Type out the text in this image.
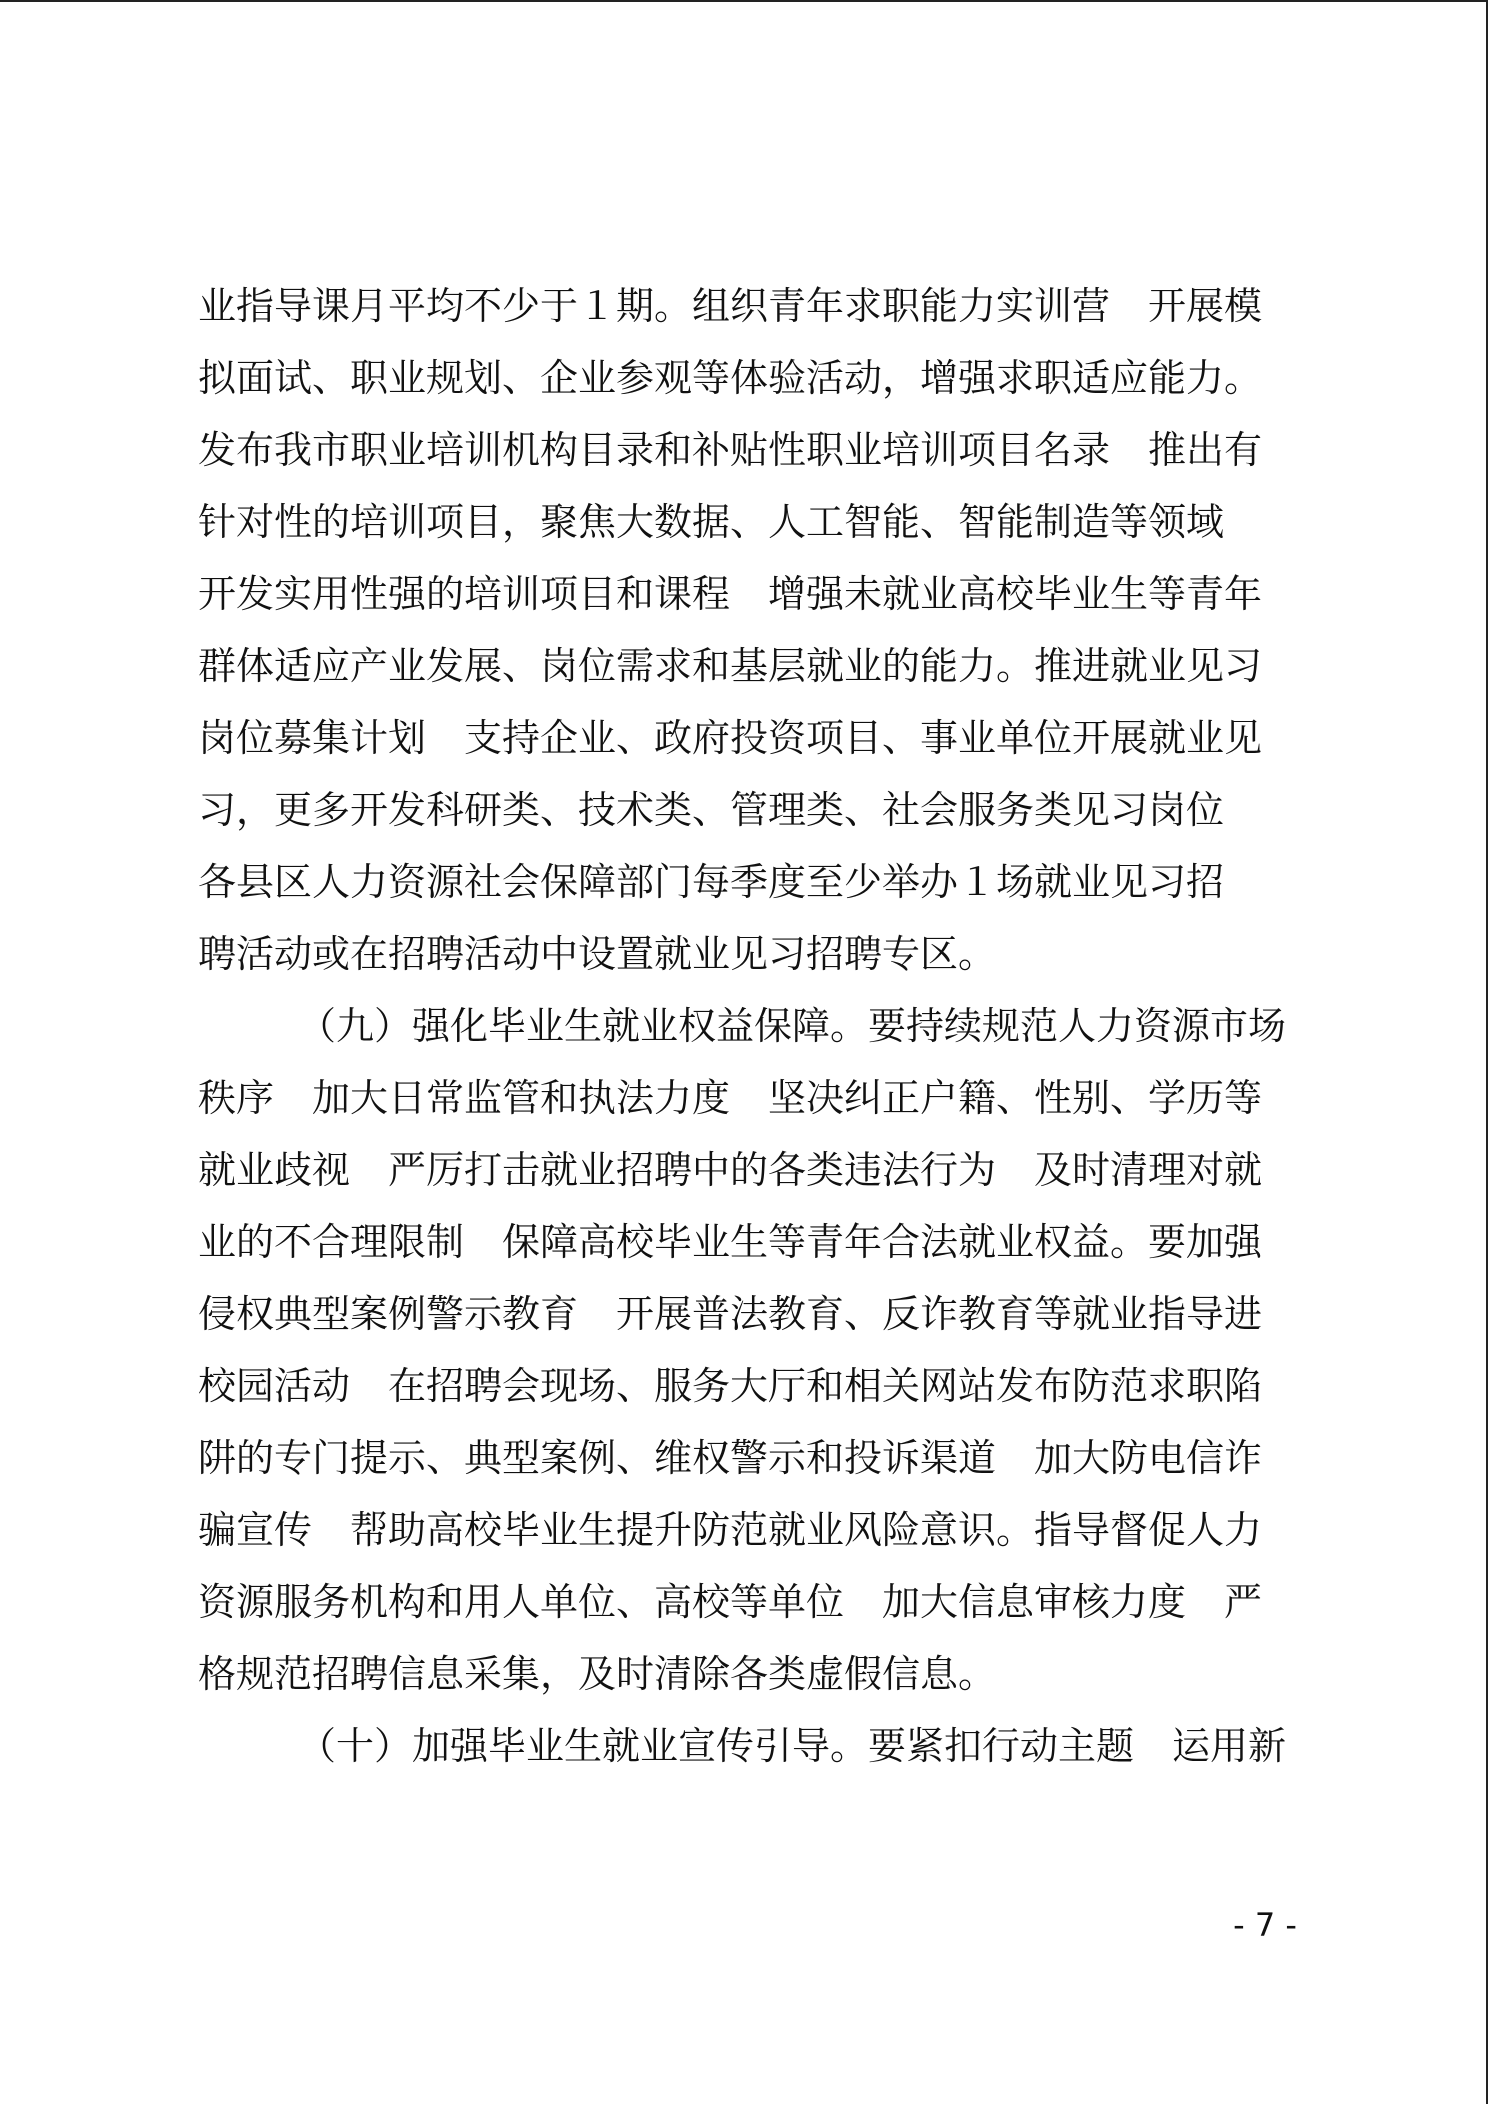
业指导课月平均不少于１期。组织青年求职能力实训营　开展模
拟面试、职业规划、企业参观等体验活动，增强求职适应能力。
发布我市职业培训机构目录和补贴性职业培训项目名录　推出有
针对性的培训项目，聚焦大数据、人工智能、智能制造等领域
开发实用性强的培训项目和课程　增强未就业高校毕业生等青年
群体适应产业发展、岗位需求和基层就业的能力。推进就业见习
岗位募集计划　支持企业、政府投资项目、事业单位开展就业见
习，更多开发科研类、技术类、管理类、社会服务类见习岗位
各县区人力资源社会保障部门每季度至少举办１场就业见习招
聘活动或在招聘活动中设置就业见习招聘专区。
（九）强化毕业生就业权益保障。要持续规范人力资源市场
秩序　加大日常监管和执法力度　坚决纠正户籍、性别、学历等
就业歧视　严厉打击就业招聘中的各类违法行为　及时清理对就
业的不合理限制　保障高校毕业生等青年合法就业权益。要加强
侵权典型案例警示教育　开展普法教育、反诈教育等就业指导进
校园活动　在招聘会现场、服务大厅和相关网站发布防范求职陷
阱的专门提示、典型案例、维权警示和投诉渠道　加大防电信诈
骗宣传　帮助高校毕业生提升防范就业风险意识。指导督促人力
资源服务机构和用人单位、高校等单位　加大信息审核力度　严
格规范招聘信息采集，及时清除各类虚假信息。
（十）加强毕业生就业宣传引导。要紧扣行动主题　运用新
- 7 -
